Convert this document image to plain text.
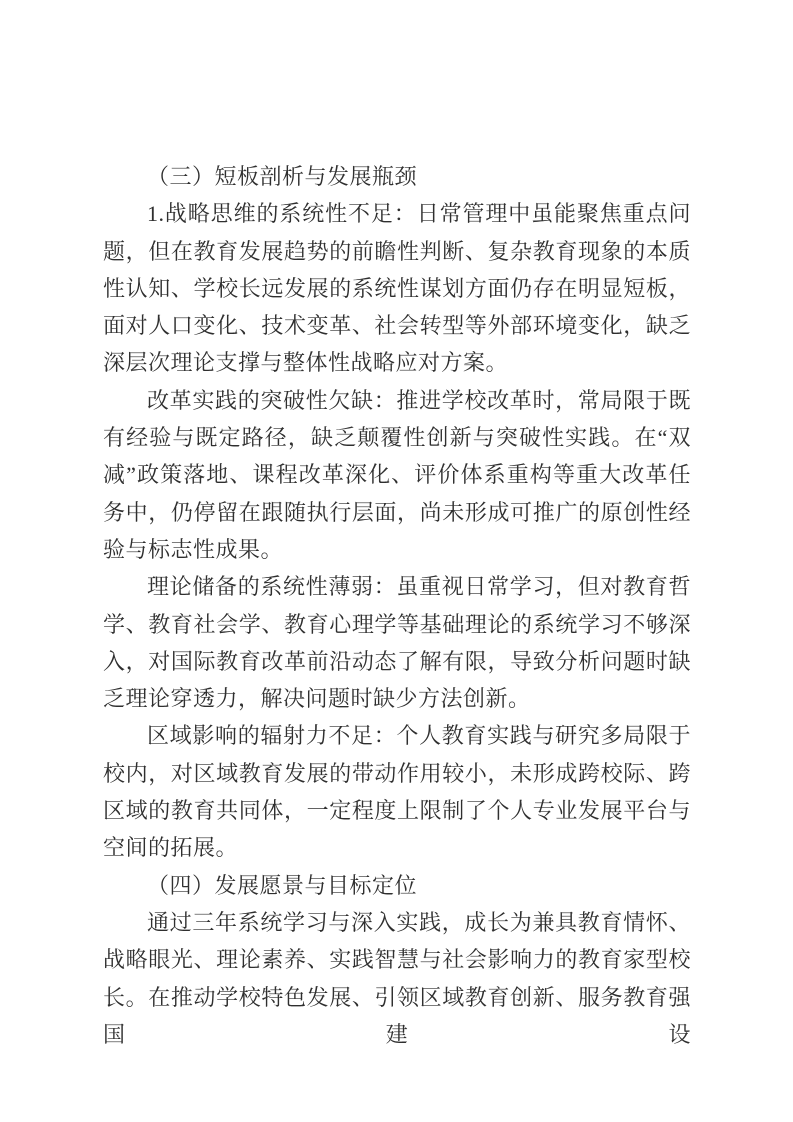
（三）短板剖析与发展瓶颈

1.战略思维的系统性不足：日常管理中虽能聚焦重点问题，但在教育发展趋势的前瞻性判断、复杂教育现象的本质性认知、学校长远发展的系统性谋划方面仍存在明显短板，面对人口变化、技术变革、社会转型等外部环境变化，缺乏深层次理论支撑与整体性战略应对方案。

改革实践的突破性欠缺：推进学校改革时，常局限于既有经验与既定路径，缺乏颠覆性创新与突破性实践。在“双减”政策落地、课程改革深化、评价体系重构等重大改革任务中，仍停留在跟随执行层面，尚未形成可推广的原创性经验与标志性成果。

理论储备的系统性薄弱：虽重视日常学习，但对教育哲学、教育社会学、教育心理学等基础理论的系统学习不够深入，对国际教育改革前沿动态了解有限，导致分析问题时缺乏理论穿透力，解决问题时缺少方法创新。

区域影响的辐射力不足：个人教育实践与研究多局限于校内，对区域教育发展的带动作用较小，未形成跨校际、跨区域的教育共同体，一定程度上限制了个人专业发展平台与空间的拓展。

（四）发展愿景与目标定位

通过三年系统学习与深入实践，成长为兼具教育情怀、战略眼光、理论素养、实践智慧与社会影响力的教育家型校长。在推动学校特色发展、引领区域教育创新、服务教育强国建设
